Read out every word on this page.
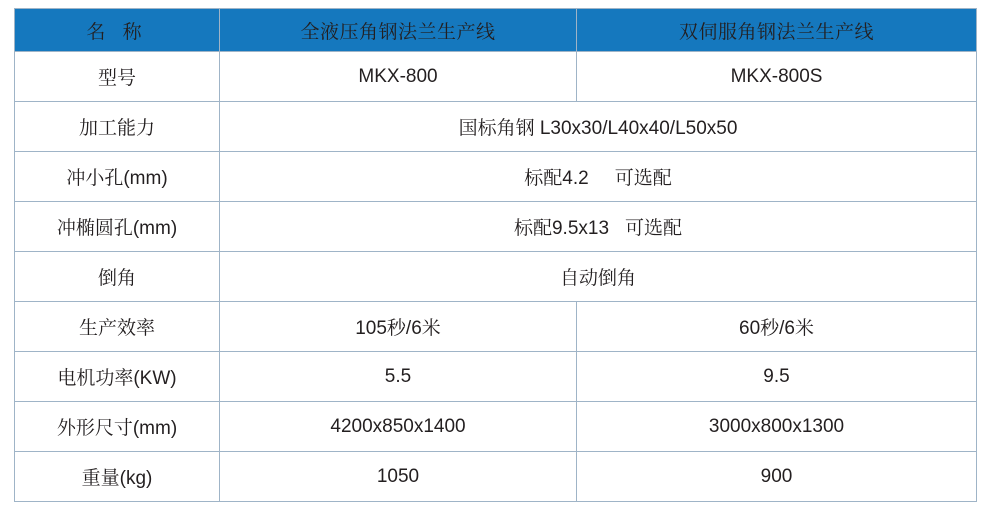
名 称	全液压角钢法兰生产线	双伺服角钢法兰生产线
型号	MKX-800	MKX-800S
加工能力	国标角钢 L30x30/L40x40/L50x50	
冲小孔(mm)	标配4.2 可选配	
冲椭圆孔(mm)	标配9.5x13 可选配	
倒角	自动倒角	
生产效率	105秒/6米	60秒/6米
电机功率(KW)	5.5	9.5
外形尺寸(mm)	4200x850x1400	3000x800x1300
重量(kg)	1050	900
